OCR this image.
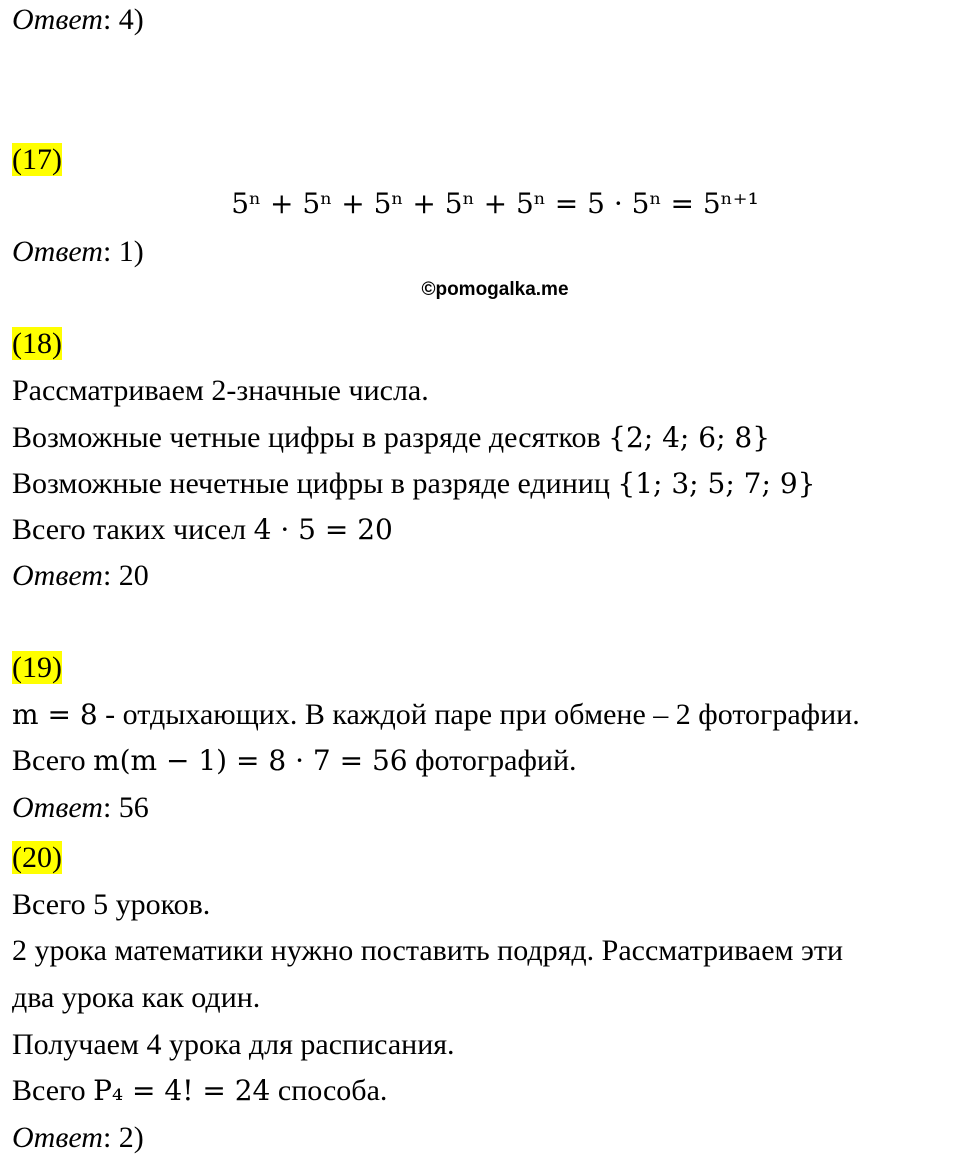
Ответ: 4)
(17)
5ⁿ + 5ⁿ + 5ⁿ + 5ⁿ + 5ⁿ = 5 · 5ⁿ = 5ⁿ⁺¹
Ответ: 1)
©pomogalka.me
(18)
Рассматриваем 2-значные числа.
Возможные четные цифры в разряде десятков {2; 4; 6; 8}
Возможные нечетные цифры в разряде единиц {1; 3; 5; 7; 9}
Всего таких чисел 4 · 5 = 20
Ответ: 20
(19)
m = 8 - отдыхающих. В каждой паре при обмене – 2 фотографии.
Всего m(m − 1) = 8 · 7 = 56 фотографий.
Ответ: 56
(20)
Всего 5 уроков.
2 урока математики нужно поставить подряд. Рассматриваем эти
два урока как один.
Получаем 4 урока для расписания.
Всего P₄ = 4! = 24 способа.
Ответ: 2)
